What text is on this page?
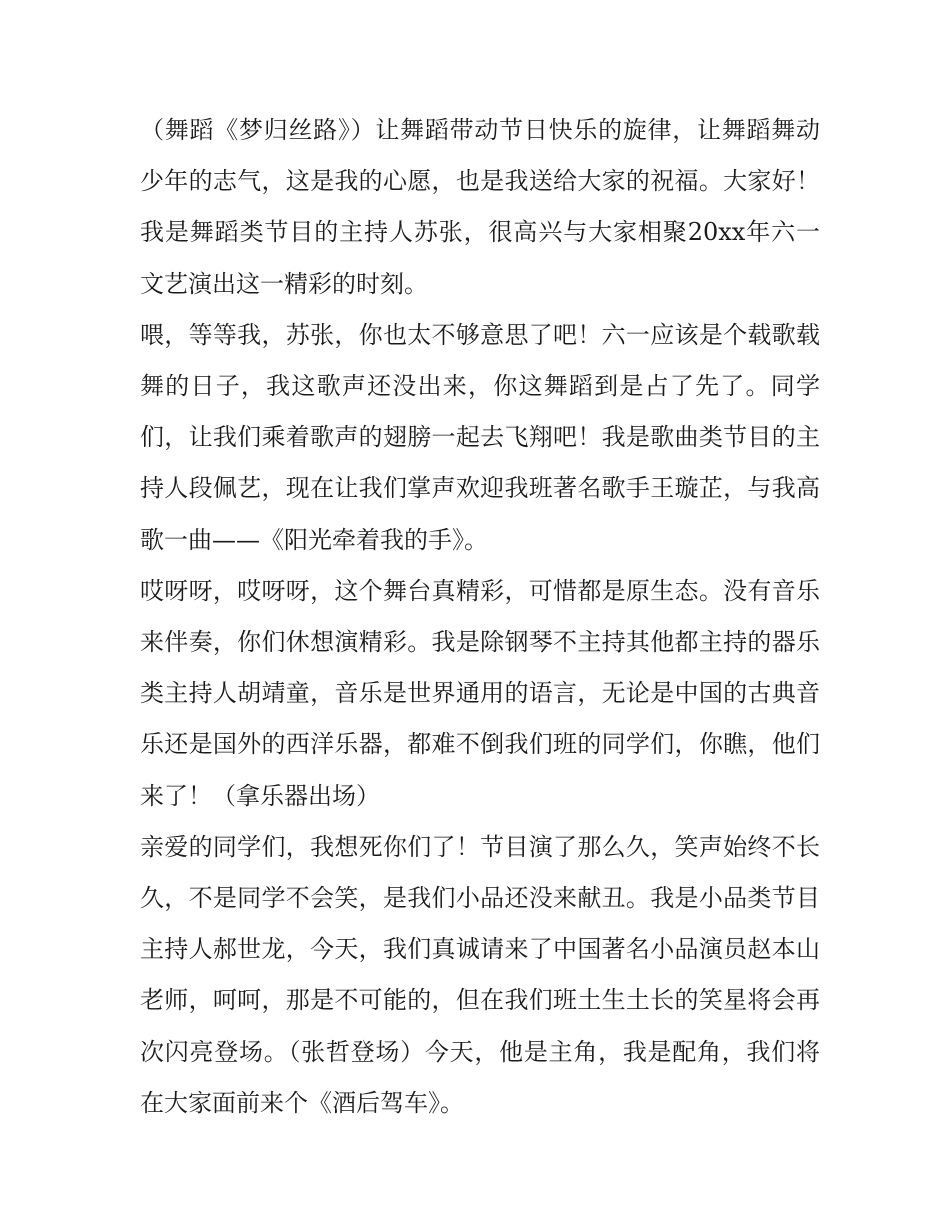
（舞蹈《梦归丝路》）让舞蹈带动节日快乐的旋律，让舞蹈舞动少年的志气，这是我的心愿，也是我送给大家的祝福。大家好！我是舞蹈类节目的主持人苏张，很高兴与大家相聚20xx年六一文艺演出这一精彩的时刻。

喂，等等我，苏张，你也太不够意思了吧！六一应该是个载歌载舞的日子，我这歌声还没出来，你这舞蹈到是占了先了。同学们，让我们乘着歌声的翅膀一起去飞翔吧！我是歌曲类节目的主持人段佩艺，现在让我们掌声欢迎我班著名歌手王璇芷，与我高歌一曲——《阳光牵着我的手》。

哎呀呀，哎呀呀，这个舞台真精彩，可惜都是原生态。没有音乐来伴奏，你们休想演精彩。我是除钢琴不主持其他都主持的器乐类主持人胡靖童，音乐是世界通用的语言，无论是中国的古典音乐还是国外的西洋乐器，都难不倒我们班的同学们，你瞧，他们来了！（拿乐器出场）

亲爱的同学们，我想死你们了！节目演了那么久，笑声始终不长久，不是同学不会笑，是我们小品还没来献丑。我是小品类节目主持人郝世龙，今天，我们真诚请来了中国著名小品演员赵本山老师，呵呵，那是不可能的，但在我们班土生土长的笑星将会再次闪亮登场。（张哲登场）今天，他是主角，我是配角，我们将在大家面前来个《酒后驾车》。
